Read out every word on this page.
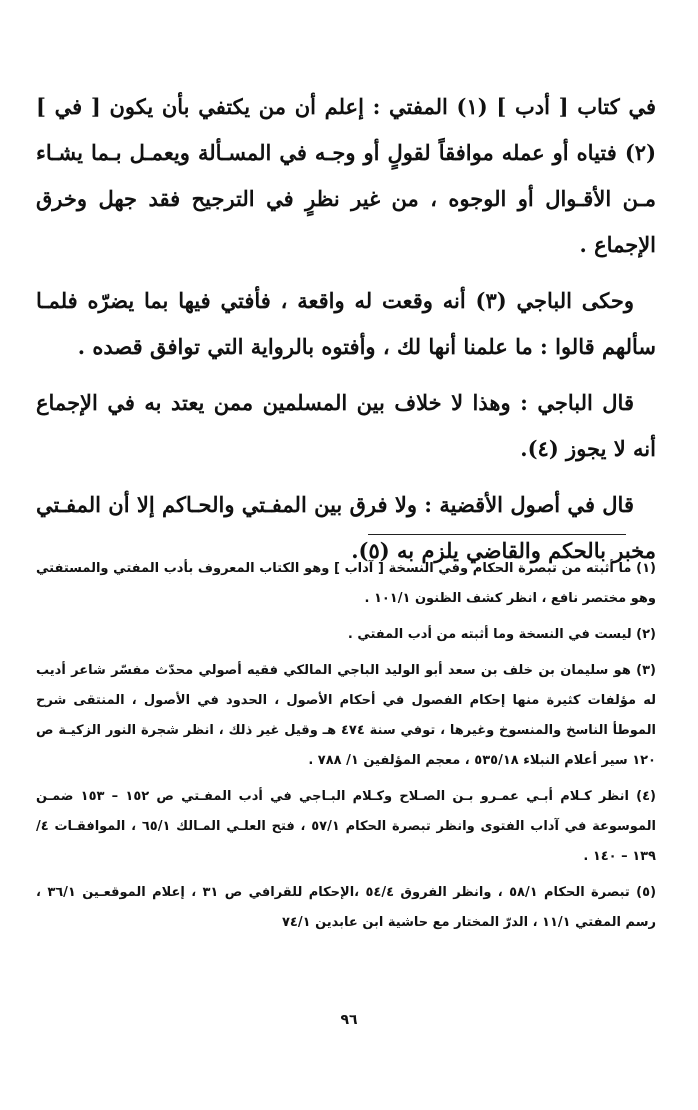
في كتاب [ أدب ] (١) المفتي : إعلم أن من يكتفي بأن يكون [ في ] (٢) فتياه أو عمله موافقاً لقولٍ أو وجـه في المسـألة ويعمـل بـما يشـاء مـن الأقـوال أو الوجوه ، من غير نظرٍ في الترجيح فقد جهل وخرق الإجماع .

وحكى الباجي (٣) أنه وقعت له واقعة ، فأفتي فيها بما يضرّه فلمـا سألهم قالوا : ما علمنا أنها لك ، وأفتوه بالرواية التي توافق قصده .

قال الباجي : وهذا لا خلاف بين المسلمين ممن يعتد به في الإجماع أنه لا يجوز (٤).

قال في أصول الأقضية : ولا فرق بين المفـتي والحـاكم إلا أن المفـتي مخبر بالحكم والقاضي يلزم به (٥).

(١) ما أثبته من تبصرة الحكام وفي النسخة [ آداب ] وهو الكتاب المعروف بأدب المفتي والمستفتي وهو مختصر نافع ، انظر كشف الظنون ١٠١/١ .

(٢) ليست في النسخة وما أثبته من أدب المفتي .

(٣) هو سليمان بن خلف بن سعد أبو الوليد الباجي المالكي فقيه أصولي محدّث مفسّر شاعر أديب له مؤلفات كثيرة منها إحكام الفصول في أحكام الأصول ، الحدود في الأصول ، المنتقى شرح الموطأ الناسخ والمنسوخ وغيرها ، توفي سنة ٤٧٤ هـ وقيل غير ذلك ، انظر شجرة النور الزكيـة ص ١٢٠ سير أعلام النبلاء ٥٣٥/١٨ ، معجم المؤلفين ١/ ٧٨٨ .

(٤) انظر كـلام أبـي عمـرو بـن الصـلاح وكـلام البـاجي في أدب المفـتي ص ١٥٢ – ١٥٣ ضمـن الموسوعة في آداب الفتوى وانظر تبصرة الحكام ٥٧/١ ، فتح العلـي المـالك ٦٥/١ ، الموافقـات ٤/ ١٣٩ – ١٤٠ .

(٥) تبصرة الحكام ٥٨/١ ، وانظر الفروق ٥٤/٤ ،الإحكام للقرافي ص ٣١ ، إعلام الموقعـين ٣٦/١ ، رسم المفتي ١١/١ ، الدرّ المختار مع حاشية ابن عابدين ٧٤/١

٩٦
